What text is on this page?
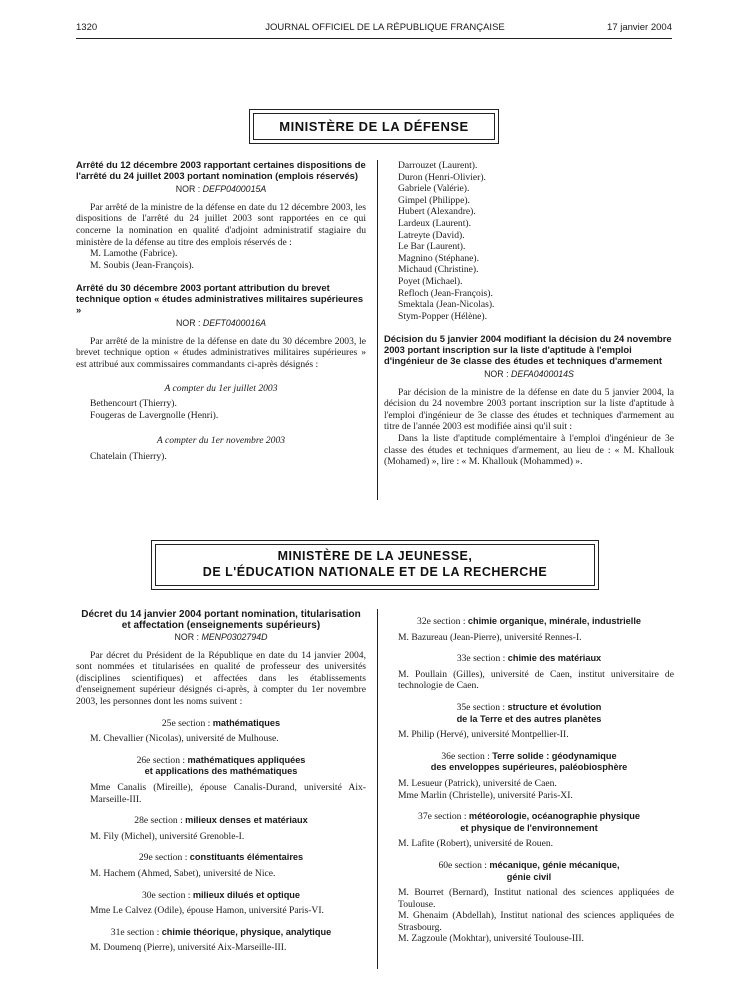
1320	JOURNAL OFFICIEL DE LA RÉPUBLIQUE FRANÇAISE	17 janvier 2004
MINISTÈRE DE LA DÉFENSE
Arrêté du 12 décembre 2003 rapportant certaines dispositions de l'arrêté du 24 juillet 2003 portant nomination (emplois réservés)
NOR : DEFP0400015A

Par arrêté de la ministre de la défense en date du 12 décembre 2003, les dispositions de l'arrêté du 24 juillet 2003 sont rapportées en ce qui concerne la nomination en qualité d'adjoint administratif stagiaire du ministère de la défense au titre des emplois réservés de :

M. Lamothe (Fabrice).
M. Soubis (Jean-François).
Arrêté du 30 décembre 2003 portant attribution du brevet technique option « études administratives militaires supérieures »
NOR : DEFT0400016A

Par arrêté de la ministre de la défense en date du 30 décembre 2003, le brevet technique option « études administratives militaires supérieures » est attribué aux commissaires commandants ci-après désignés :

A compter du 1er juillet 2003
Bethencourt (Thierry).
Fougeras de Lavergnolle (Henri).
A compter du 1er novembre 2003
Chatelain (Thierry).
Darrouzet (Laurent).
Duron (Henri-Olivier).
Gabriele (Valérie).
Gimpel (Philippe).
Hubert (Alexandre).
Lardeux (Laurent).
Latreyte (David).
Le Bar (Laurent).
Magnino (Stéphane).
Michaud (Christine).
Poyet (Michael).
Refloch (Jean-François).
Smektala (Jean-Nicolas).
Stym-Popper (Hélène).
Décision du 5 janvier 2004 modifiant la décision du 24 novembre 2003 portant inscription sur la liste d'aptitude à l'emploi d'ingénieur de 3e classe des études et techniques d'armement
NOR : DEFA0400014S

Par décision de la ministre de la défense en date du 5 janvier 2004, la décision du 24 novembre 2003 portant inscription sur la liste d'aptitude à l'emploi d'ingénieur de 3e classe des études et techniques d'armement au titre de l'année 2003 est modifiée ainsi qu'il suit :

Dans la liste d'aptitude complémentaire à l'emploi d'ingénieur de 3e classe des études et techniques d'armement, au lieu de : « M. Khallouk (Mohamed) », lire : « M. Khallouk (Mohammed) ».

MINISTÈRE DE LA JEUNESSE,
DE L'ÉDUCATION NATIONALE ET DE LA RECHERCHE
Décret du 14 janvier 2004 portant nomination, titularisation et affectation (enseignements supérieurs)
NOR : MENP0302794D

Par décret du Président de la République en date du 14 janvier 2004, sont nommées et titularisées en qualité de professeur des universités (disciplines scientifiques) et affectées dans les établissements d'enseignement supérieur désignés ci-après, à compter du 1er novembre 2003, les personnes dont les noms suivent :

25e section : mathématiques

M. Chevallier (Nicolas), université de Mulhouse.

26e section : mathématiques appliquées
et applications des mathématiques

Mme Canalis (Mireille), épouse Canalis-Durand, université Aix-Marseille-III.

28e section : milieux denses et matériaux

M. Fily (Michel), université Grenoble-I.

29e section : constituants élémentaires

M. Hachem (Ahmed, Sabet), université de Nice.

30e section : milieux dilués et optique

Mme Le Calvez (Odile), épouse Hamon, université Paris-VI.

31e section : chimie théorique, physique, analytique

M. Doumenq (Pierre), université Aix-Marseille-III.

32e section : chimie organique, minérale, industrielle

M. Bazureau (Jean-Pierre), université Rennes-I.

33e section : chimie des matériaux

M. Poullain (Gilles), université de Caen, institut universitaire de technologie de Caen.

35e section : structure et évolution
de la Terre et des autres planètes

M. Philip (Hervé), université Montpellier-II.

36e section : Terre solide : géodynamique
des enveloppes supérieures, paléobiosphère

M. Lesueur (Patrick), université de Caen.

Mme Marlin (Christelle), université Paris-XI.

37e section : météorologie, océanographie physique
et physique de l'environnement

M. Lafite (Robert), université de Rouen.

60e section : mécanique, génie mécanique,
génie civil

M. Bourret (Bernard), Institut national des sciences appliquées de Toulouse.

M. Ghenaim (Abdellah), Institut national des sciences appliquées de Strasbourg.

M. Zagzoule (Mokhtar), université Toulouse-III.
